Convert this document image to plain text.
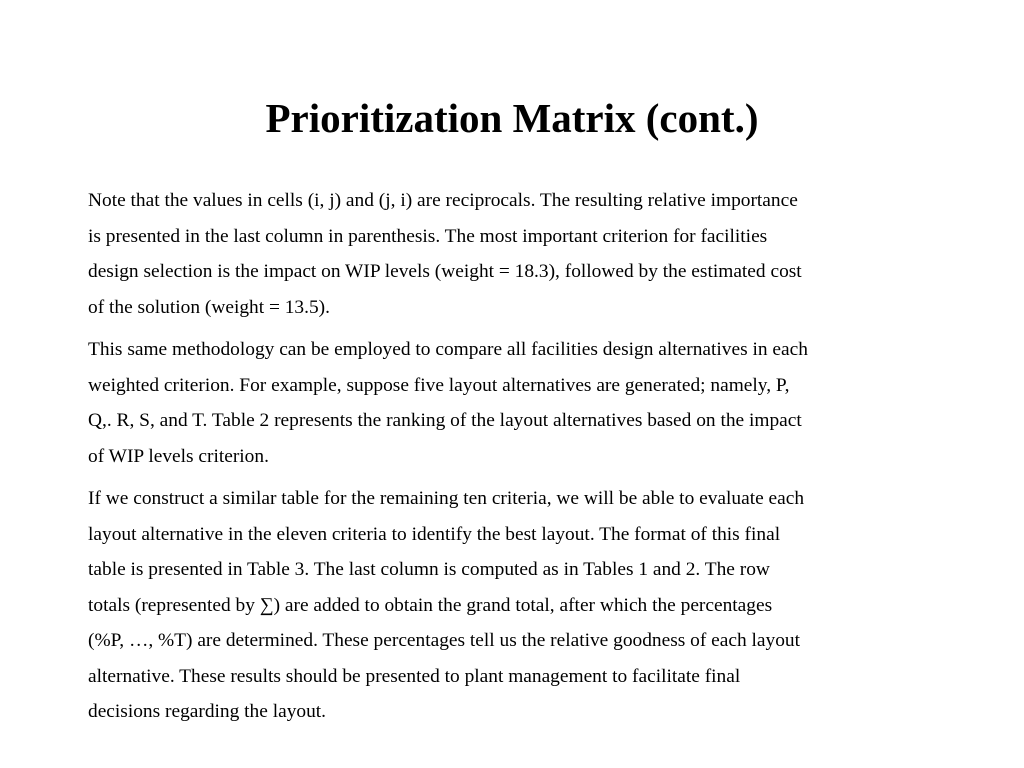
Prioritization Matrix (cont.)

Note that the values in cells (i, j) and (j, i) are reciprocals. The resulting relative importance
is presented in the last column in parenthesis. The most important criterion for facilities
design selection is the impact on WIP levels (weight = 18.3), followed by the estimated cost
of the solution (weight = 13.5).

This same methodology can be employed to compare all facilities design alternatives in each
weighted criterion. For example, suppose five layout alternatives are generated; namely, P,
Q,. R, S, and T. Table 2 represents the ranking of the layout alternatives based on the impact
of WIP levels criterion.

If we construct a similar table for the remaining ten criteria, we will be able to evaluate each
layout alternative in the eleven criteria to identify the best layout. The format of this final
table is presented in Table 3. The last column is computed as in Tables 1 and 2. The row
totals (represented by ∑) are added to obtain the grand total, after which the percentages
(%P, …, %T) are determined. These percentages tell us the relative goodness of each layout
alternative. These results should be presented to plant management to facilitate final
decisions regarding the layout.
